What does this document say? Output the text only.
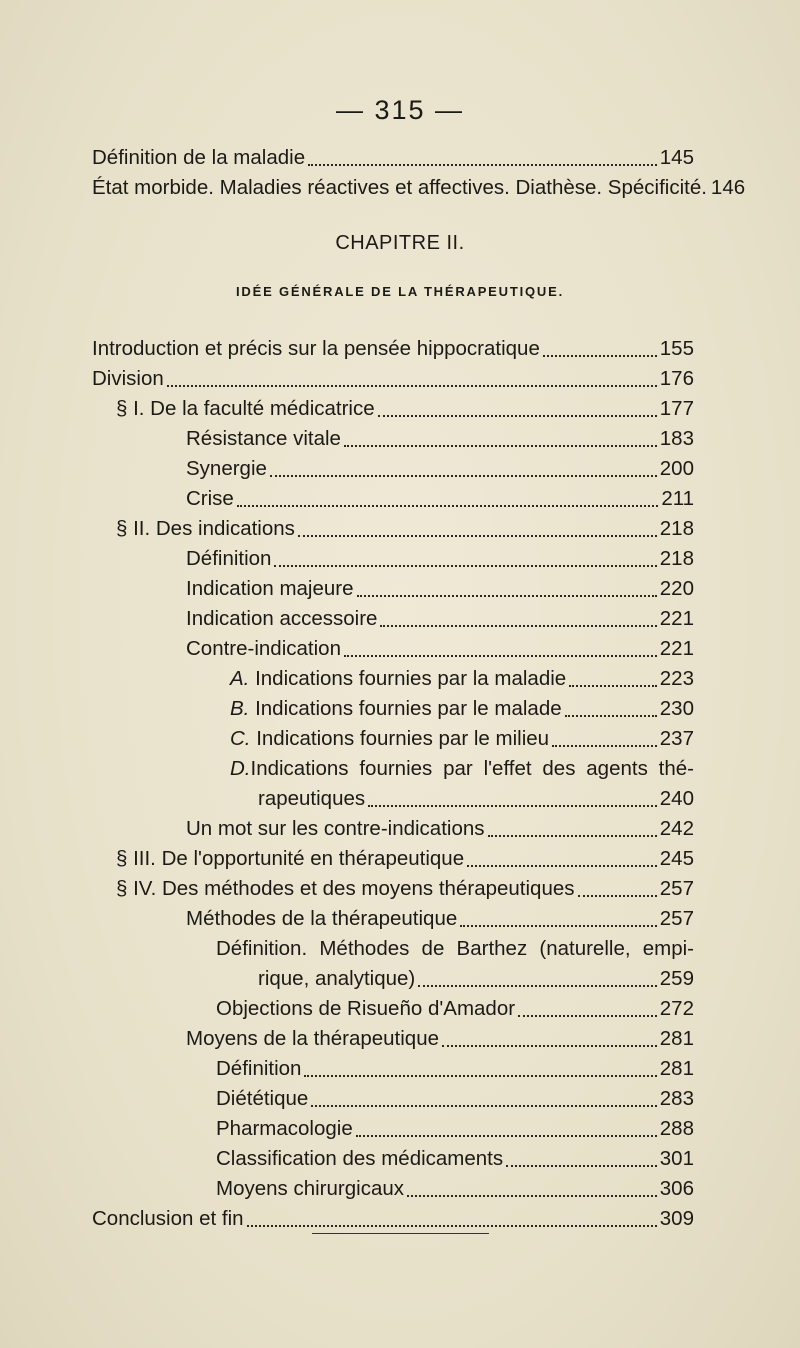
— 315 —
Définition de la maladie	145
État morbide. Maladies réactives et affectives. Diathèse. Spécificité. 146
CHAPITRE II.
IDÉE GÉNÉRALE DE LA THÉRAPEUTIQUE.
Introduction et précis sur la pensée hippocratique	155
Division	176
§ I. De la faculté médicatrice	177
Résistance vitale	183
Synergie	200
Crise	211
§ II. Des indications	218
Définition	218
Indication majeure	220
Indication accessoire	221
Contre-indication	221
A. Indications fournies par la maladie	223
B. Indications fournies par le malade	230
C. Indications fournies par le milieu	237
D. Indications fournies par l'effet des agents thé-
rapeutiques	240
Un mot sur les contre-indications	242
§ III. De l'opportunité en thérapeutique	245
§ IV. Des méthodes et des moyens thérapeutiques	257
Méthodes de la thérapeutique	257
Définition. Méthodes de Barthez (naturelle, empi-
rique, analytique)	259
Objections de Risueño d'Amador	272
Moyens de la thérapeutique	281
Définition	281
Diététique	283
Pharmacologie	288
Classification des médicaments	301
Moyens chirurgicaux	306
Conclusion et fin	309
